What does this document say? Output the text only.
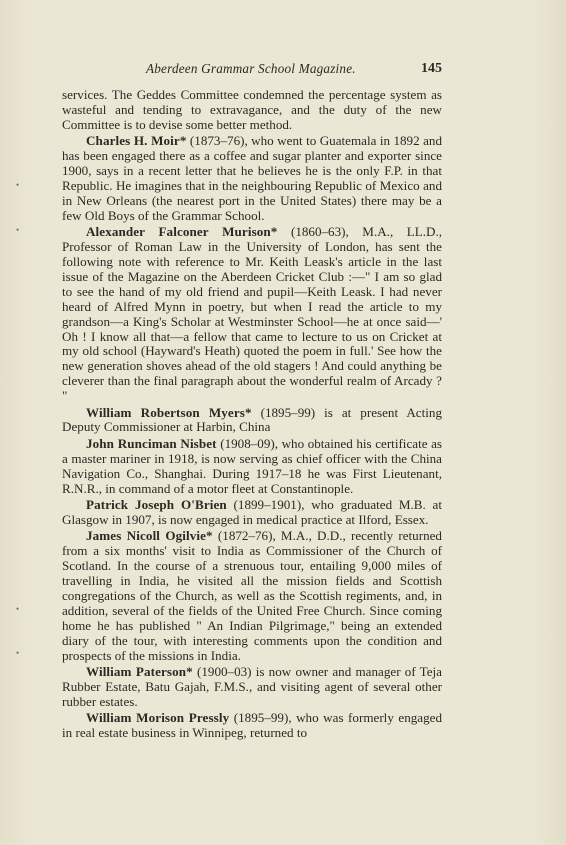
Aberdeen Grammar School Magazine.	145
•
•
•
•

services. The Geddes Committee condemned the percentage system as wasteful and tending to extravagance, and the duty of the new Committee is to devise some better method.

Charles H. Moir* (1873–76), who went to Guatemala in 1892 and has been engaged there as a coffee and sugar planter and exporter since 1900, says in a recent letter that he believes he is the only F.P. in that Republic. He imagines that in the neighbouring Republic of Mexico and in New Orleans (the nearest port in the United States) there may be a few Old Boys of the Grammar School.

Alexander Falconer Murison* (1860–63), M.A., LL.D., Professor of Roman Law in the University of London, has sent the following note with reference to Mr. Keith Leask's article in the last issue of the Magazine on the Aberdeen Cricket Club :—" I am so glad to see the hand of my old friend and pupil—Keith Leask. I had never heard of Alfred Mynn in poetry, but when I read the article to my grandson—a King's Scholar at Westminster School—he at once said—' Oh ! I know all that—a fellow that came to lecture to us on Cricket at my old school (Hayward's Heath) quoted the poem in full.' See how the new generation shoves ahead of the old stagers ! And could anything be cleverer than the final paragraph about the wonderful realm of Arcady ? "

William Robertson Myers* (1895–99) is at present Acting Deputy Commissioner at Harbin, China

John Runciman Nisbet (1908–09), who obtained his certificate as a master mariner in 1918, is now serving as chief officer with the China Navigation Co., Shanghai. During 1917–18 he was First Lieutenant, R.N.R., in command of a motor fleet at Constantinople.

Patrick Joseph O'Brien (1899–1901), who graduated M.B. at Glasgow in 1907, is now engaged in medical practice at Ilford, Essex.

James Nicoll Ogilvie* (1872–76), M.A., D.D., recently returned from a six months' visit to India as Commissioner of the Church of Scotland. In the course of a strenuous tour, entailing 9,000 miles of travelling in India, he visited all the mission fields and Scottish congregations of the Church, as well as the Scottish regiments, and, in addition, several of the fields of the United Free Church. Since coming home he has published " An Indian Pilgrimage," being an extended diary of the tour, with interesting comments upon the condition and prospects of the missions in India.

William Paterson* (1900–03) is now owner and manager of Teja Rubber Estate, Batu Gajah, F.M.S., and visiting agent of several other rubber estates.

William Morison Pressly (1895–99), who was formerly engaged in real estate business in Winnipeg, returned to
